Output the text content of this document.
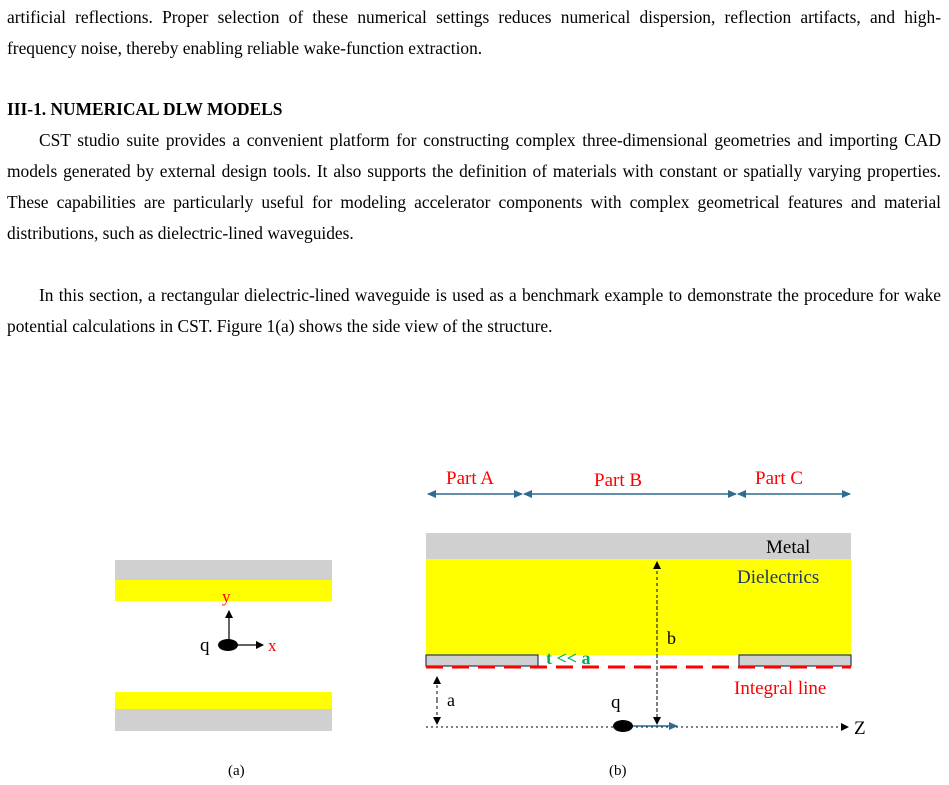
artificial reflections. Proper selection of these numerical settings reduces numerical dispersion, reflection artifacts, and high-frequency noise, thereby enabling reliable wake-function extraction.

III-1. NUMERICAL DLW MODELS

CST studio suite provides a convenient platform for constructing complex three-dimensional geometries and importing CAD models generated by external design tools. It also supports the definition of materials with constant or spatially varying properties. These capabilities are particularly useful for modeling accelerator components with complex geometrical features and material distributions, such as dielectric-lined waveguides.

In this section, a rectangular dielectric-lined waveguide is used as a benchmark example to demonstrate the procedure for wake potential calculations in CST. Figure 1(a) shows the side view of the structure.

y
x
q
(a)
Part A	Part B	Part C
Metal
Dielectrics
t << a
Integral line
b
a
Z
q
(b)
